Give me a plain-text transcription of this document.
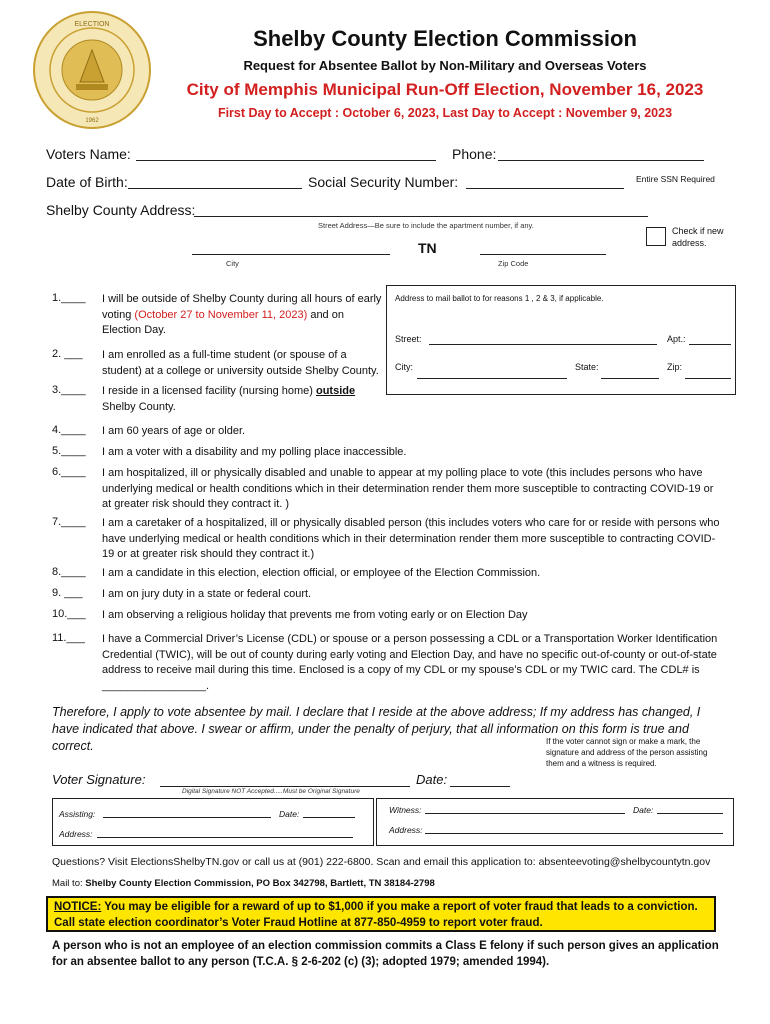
ELECTION
1962
Shelby County Election Commission
Request for Absentee Ballot by Non-Military and Overseas Voters
City of Memphis Municipal Run-Off Election, November 16, 2023
First Day to Accept : October 6, 2023, Last Day to Accept : November 9, 2023
Voters Name:	Phone:
Date of Birth:	Social Security Number:	Entire SSN Required
Shelby County Address:
Street Address—Be sure to include the apartment number, if any.
Check if new address.
TN
City	Zip Code
Address to mail ballot to for reasons 1 , 2 & 3, if applicable.
Street:	Apt.:
City:	State:	Zip:
1.____ I will be outside of Shelby County during all hours of early voting (October 27 to November 11, 2023) and on Election Day.
2. ___ I am enrolled as a full-time student (or spouse of a student) at a college or university outside Shelby County.
3.____ I reside in a licensed facility (nursing home) outside Shelby County.
4.____ I am 60 years of age or older.
5.____ I am a voter with a disability and my polling place inaccessible.
6.____ I am hospitalized, ill or physically disabled and unable to appear at my polling place to vote (this includes persons who have underlying medical or health conditions which in their determination render them more susceptible to contracting COVID-19 or at greater risk should they contract it. )
7.____ I am a caretaker of a hospitalized, ill or physically disabled person (this includes voters who care for or reside with persons who have underlying medical or health conditions which in their determination render them more susceptible to contracting COVID-19 or at greater risk should they contract it.)
8.____ I am a candidate in this election, election official, or employee of the Election Commission.
9. ___ I am on jury duty in a state or federal court.
10.___ I am observing a religious holiday that prevents me from voting early or on Election Day
11.___ I have a Commercial Driver’s License (CDL) or spouse or a person possessing a CDL or a Transportation Worker Identification Credential (TWIC), will be out of county during early voting and Election Day, and have no specific out-of-county or out-of-state address to receive mail during this time. Enclosed is a copy of my CDL or my spouse’s CDL or my TWIC card. The CDL# is _________________.
Therefore, I apply to vote absentee by mail. I declare that I reside at the above address; If my address has changed, I have indicated that above. I swear or affirm, under the penalty of perjury, that all information on this form is true and correct.	If the voter cannot sign or make a mark, the signature and address of the person assisting them and a witness is required.
Voter Signature:	Date:
Digital Signature NOT Accepted.....Must be Original Signature
Assisting:	Date:
Address:
Witness:	Date:
Address:
Questions? Visit ElectionsShelbyTN.gov or call us at (901) 222-6800. Scan and email this application to: absenteevoting@shelbycountytn.gov
Mail to: Shelby County Election Commission, PO Box 342798, Bartlett, TN 38184-2798
NOTICE: You may be eligible for a reward of up to $1,000 if you make a report of voter fraud that leads to a conviction. Call state election coordinator’s Voter Fraud Hotline at 877-850-4959 to report voter fraud.
A person who is not an employee of an election commission commits a Class E felony if such person gives an application for an absentee ballot to any person (T.C.A. § 2-6-202 (c) (3); adopted 1979; amended 1994).
